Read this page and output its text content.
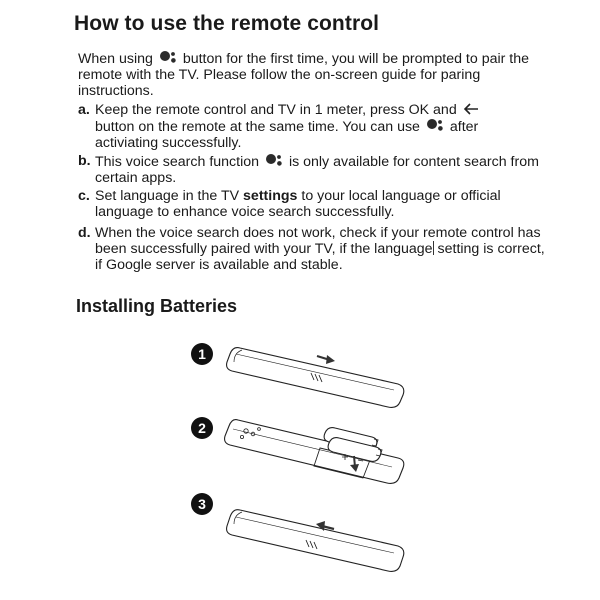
How to use the remote control
When using button for the first time, you will be prompted to pair the remote with the TV. Please follow the on-screen guide for paring instructions.
a. Keep the remote control and TV in 1 meter, press OK and
button on the remote at the same time. You can use after activiating successfully.
b. This voice search function is only available for content search from certain apps.
c. Set language in the TV settings to your local language or official language to enhance voice search successfully.
d. When the voice search does not work, check if your remote control has been successfully paired with your TV, if the language setting is correct, if Google server is available and stable.
Installing Batteries
1
2
3
